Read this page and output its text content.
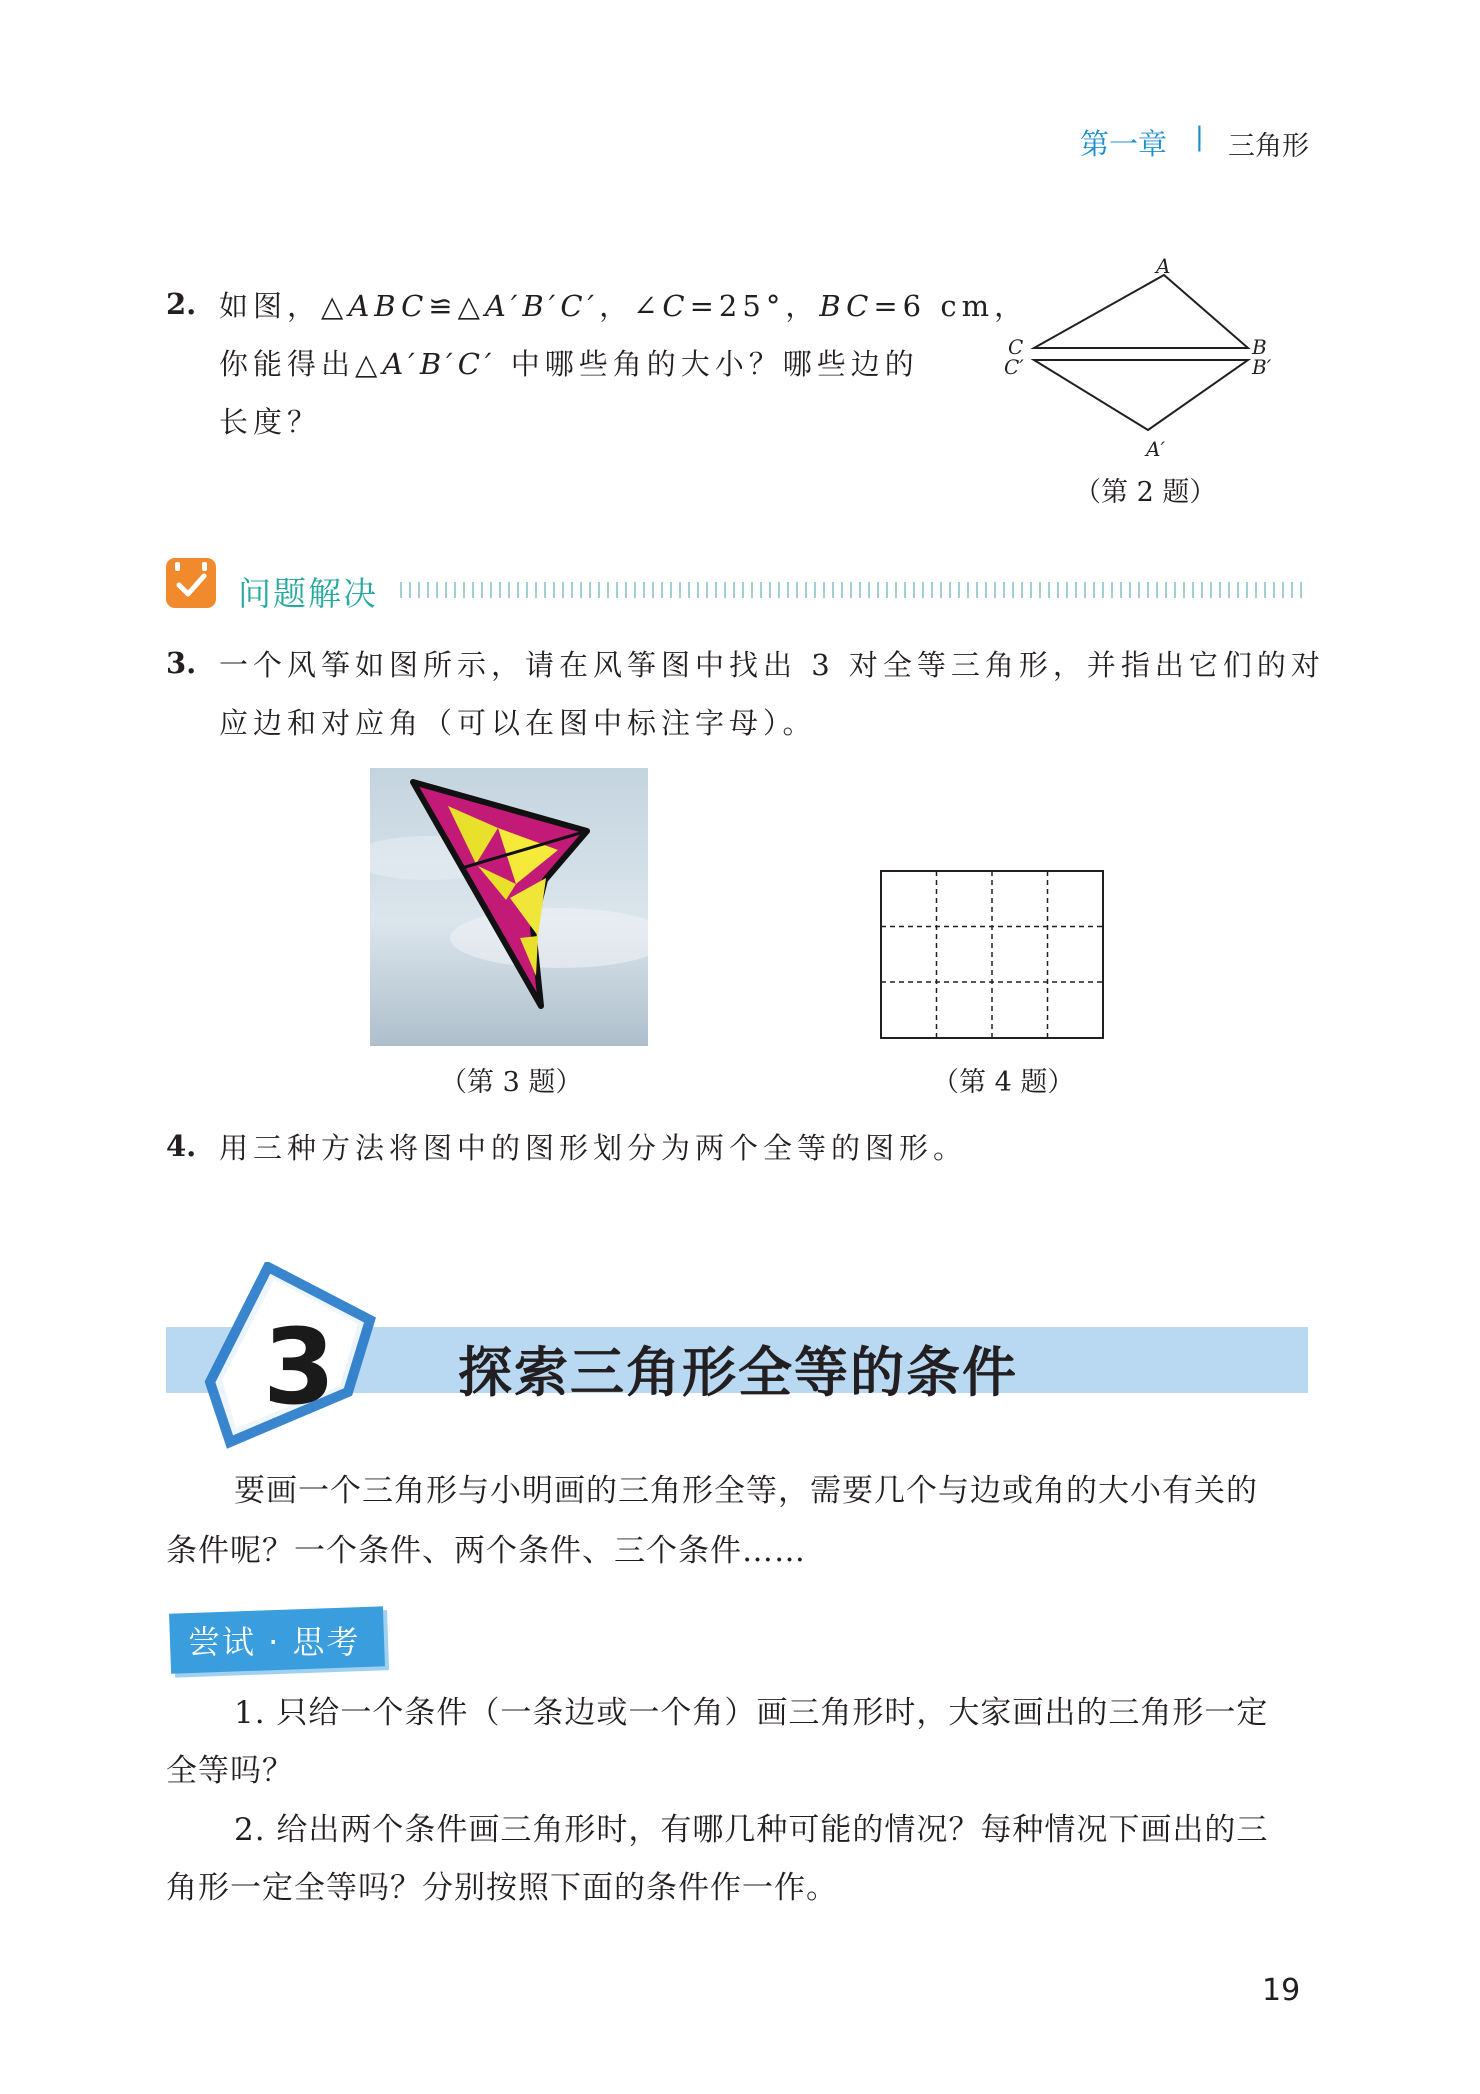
第一章 | 三角形
2. 如图，△ABC≌△A′B′C′，∠C=25°，BC=6 cm，
你能得出△A′B′C′ 中哪些角的大小？哪些边的
长度？
A
B
C
C′	B′
A′
（第 2 题）
问题解决
3. 一个风筝如图所示，请在风筝图中找出 3 对全等三角形，并指出它们的对
应边和对应角（可以在图中标注字母）。
（第 3 题）	（第 4 题）
4. 用三种方法将图中的图形划分为两个全等的图形。
3 探索三角形全等的条件
要画一个三角形与小明画的三角形全等，需要几个与边或角的大小有关的
条件呢？一个条件、两个条件、三个条件……
尝试 · 思考
1. 只给一个条件（一条边或一个角）画三角形时，大家画出的三角形一定
全等吗？
2. 给出两个条件画三角形时，有哪几种可能的情况？每种情况下画出的三
角形一定全等吗？分别按照下面的条件作一作。
19
